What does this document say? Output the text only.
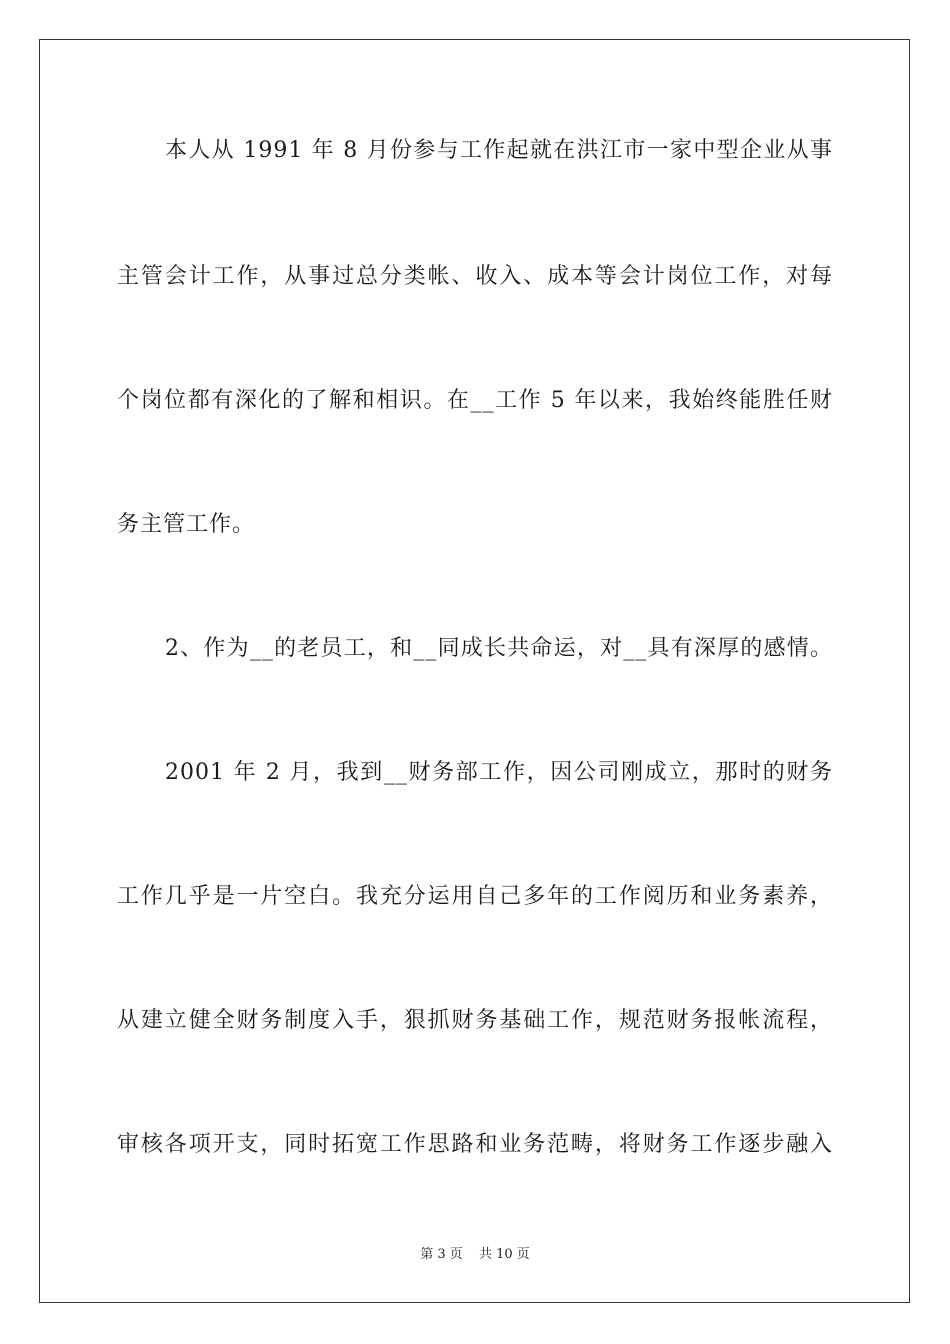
本人从 1991 年 8 月份参与工作起就在洪江市一家中型企业从事
主管会计工作，从事过总分类帐、收入、成本等会计岗位工作，对每
个岗位都有深化的了解和相识。在__工作 5 年以来，我始终能胜任财
务主管工作。
2、作为__的老员工，和__同成长共命运，对__具有深厚的感情。
2001 年 2 月，我到__财务部工作，因公司刚成立，那时的财务
工作几乎是一片空白。我充分运用自己多年的工作阅历和业务素养，
从建立健全财务制度入手，狠抓财务基础工作，规范财务报帐流程，
审核各项开支，同时拓宽工作思路和业务范畴，将财务工作逐步融入
第 3 页 共 10 页
